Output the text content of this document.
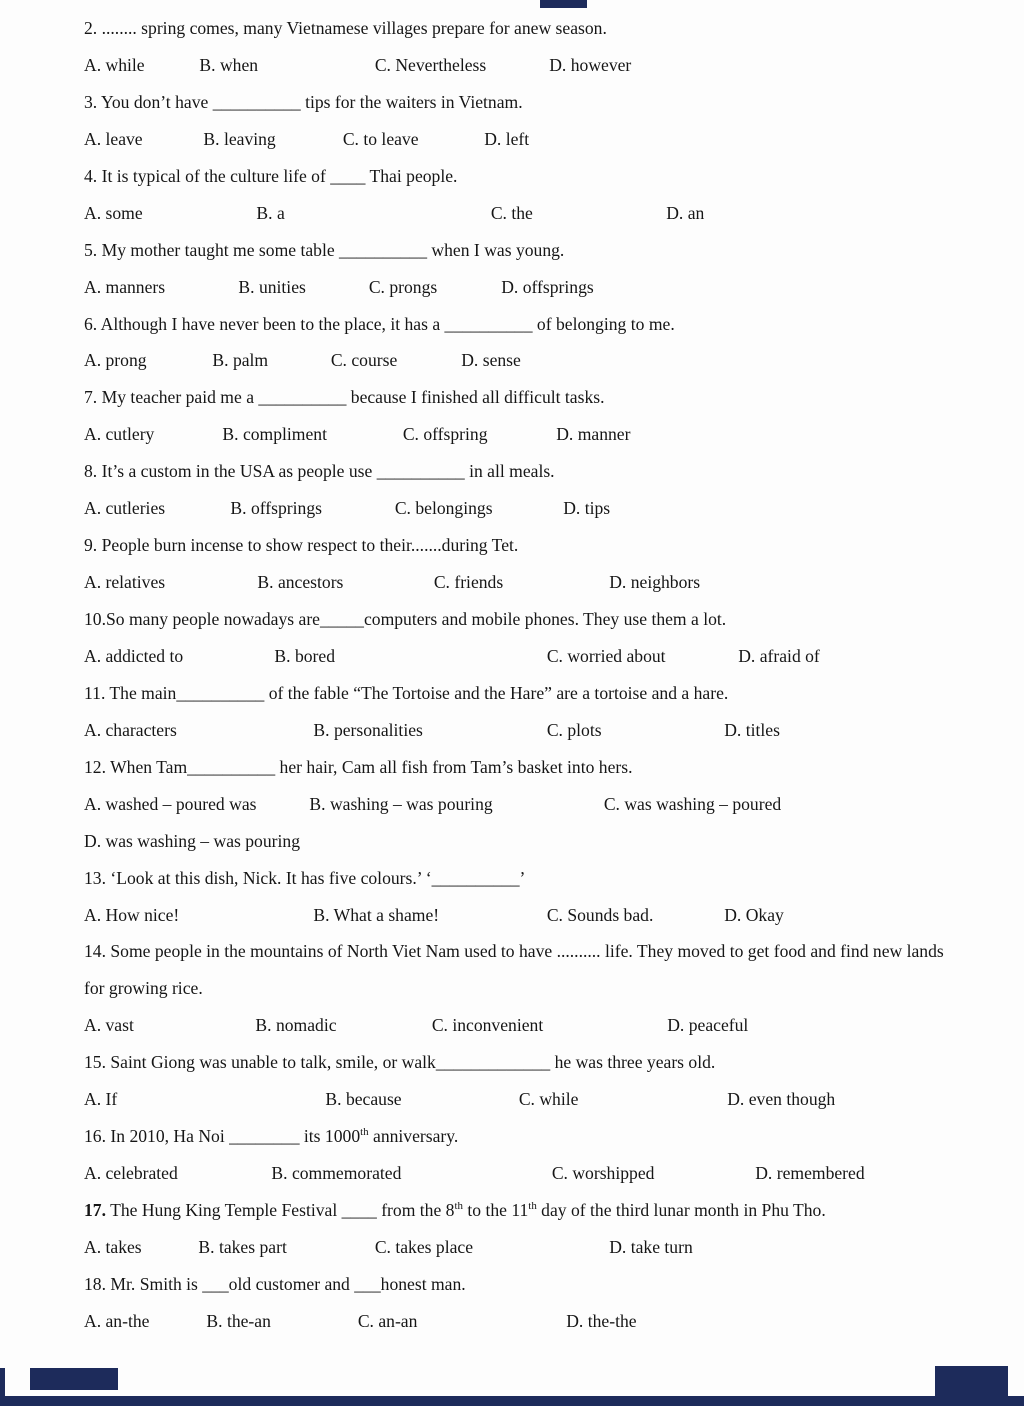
2. ........ spring comes, many Vietnamese villages prepare for anew season.
A. while	B. when	C. Nevertheless	D. however
3. You don’t have __________ tips for the waiters in Vietnam.
A. leave	B. leaving	C. to leave	D. left
4. It is typical of the culture life of ____ Thai people.
A. some	B. a	C. the	D. an
5. My mother taught me some table __________ when I was young.
A. manners	B. unities	C. prongs	D. offsprings
6. Although I have never been to the place, it has a __________ of belonging to me.
A. prong	B. palm	C. course	D. sense
7. My teacher paid me a __________ because I finished all difficult tasks.
A. cutlery	B. compliment	C. offspring	D. manner
8. It’s a custom in the USA as people use __________ in all meals.
A. cutleries	B. offsprings	C. belongings	D. tips
9. People burn incense to show respect to their.......during Tet.
A. relatives	B. ancestors	C. friends	D. neighbors
10.So many people nowadays are_____computers and mobile phones. They use them a lot.
A. addicted to	B. bored	C. worried about	D. afraid of
11. The main__________ of the fable “The Tortoise and the Hare” are a tortoise and a hare.
A. characters	B. personalities	C. plots	D. titles
12. When Tam__________ her hair, Cam all fish from Tam’s basket into hers.
A. washed – poured was	B. washing – was pouring	C. was washing – poured
D. was washing – was pouring
13. ‘Look at this dish, Nick. It has five colours.’ ‘__________’
A. How nice!	B. What a shame!	C. Sounds bad.	D. Okay
14. Some people in the mountains of North Viet Nam used to have .......... life. They moved to get food and find new lands for growing rice.
A. vast	B. nomadic	C. inconvenient	D. peaceful
15. Saint Giong was unable to talk, smile, or walk_____________ he was three years old.
A. If	B. because	C. while	D. even though
16. In 2010, Ha Noi ________ its 1000th anniversary.
A. celebrated	B. commemorated	C. worshipped	D. remembered
17. The Hung King Temple Festival ____ from the 8th to the 11th day of the third lunar month in Phu Tho.
A. takes	B. takes part	C. takes place	D. take turn
18. Mr. Smith is ___old customer and ___honest man.
A. an-the	B. the-an	C. an-an	D. the-the
